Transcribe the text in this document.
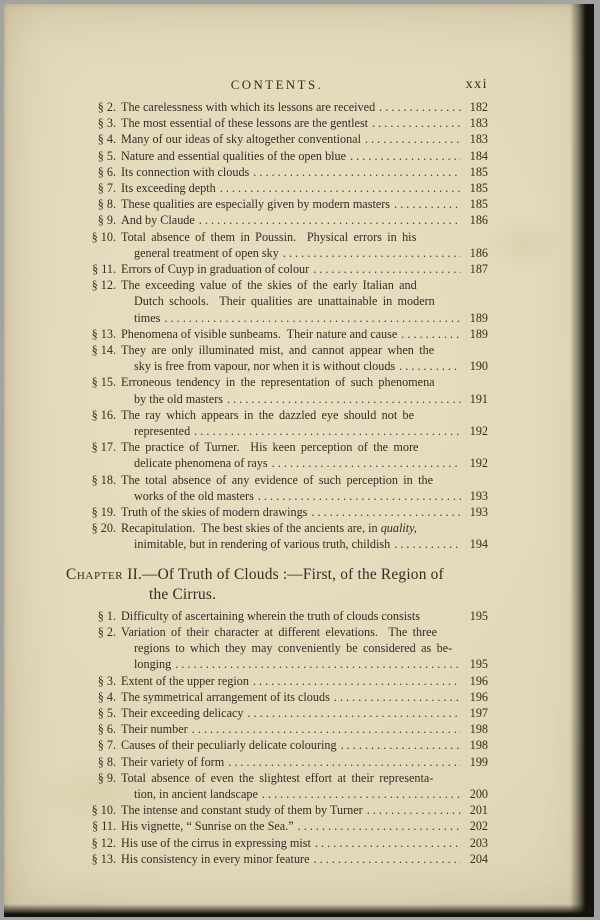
CONTENTS.	xxi
§ 2. The carelessness with which its lessons are received . . .	182
§ 3. The most essential of these lessons are the gentlest . . .	183
§ 4. Many of our ideas of sky altogether conventional . . .	183
§ 5. Nature and essential qualities of the open blue . . .	184
§ 6. Its connection with clouds . . .	185
§ 7. Its exceeding depth . . .	185
§ 8. These qualities are especially given by modern masters . . .	185
§ 9. And by Claude . . .	186
§ 10. Total absence of them in Poussin.  Physical errors in his
general treatment of open sky . . .	186
§ 11. Errors of Cuyp in graduation of colour . . .	187
§ 12. The exceeding value of the skies of the early Italian and
Dutch schools.  Their qualities are unattainable in modern
times . . .	189
§ 13. Phenomena of visible sunbeams.  Their nature and cause . . .	189
§ 14. They are only illuminated mist, and cannot appear when the
sky is free from vapour, nor when it is without clouds . . .	190
§ 15. Erroneous tendency in the representation of such phenomena
by the old masters . . .	191
§ 16. The ray which appears in the dazzled eye should not be
represented . . .	192
§ 17. The practice of Turner.  His keen perception of the more
delicate phenomena of rays . . .	192
§ 18. The total absence of any evidence of such perception in the
works of the old masters . . .	193
§ 19. Truth of the skies of modern drawings . . .	193
§ 20. Recapitulation.  The best skies of the ancients are, in quality,
inimitable, but in rendering of various truth, childish . . .	194
Chapter II.—Of Truth of Clouds :—First, of the Region of
the Cirrus.
§ 1. Difficulty of ascertaining wherein the truth of clouds consists	195
§ 2. Variation of their character at different elevations.  The three
regions to which they may conveniently be considered as be-
longing . . .	195
§ 3. Extent of the upper region . . .	196
§ 4. The symmetrical arrangement of its clouds . . .	196
§ 5. Their exceeding delicacy . . .	197
§ 6. Their number . . .	198
§ 7. Causes of their peculiarly delicate colouring . . .	198
§ 8. Their variety of form . . .	199
§ 9. Total absence of even the slightest effort at their representa-
tion, in ancient landscape . . .	200
§ 10. The intense and constant study of them by Turner . . .	201
§ 11. His vignette, “ Sunrise on the Sea.” . . .	202
§ 12. His use of the cirrus in expressing mist . . .	203
§ 13. His consistency in every minor feature . . .	204
